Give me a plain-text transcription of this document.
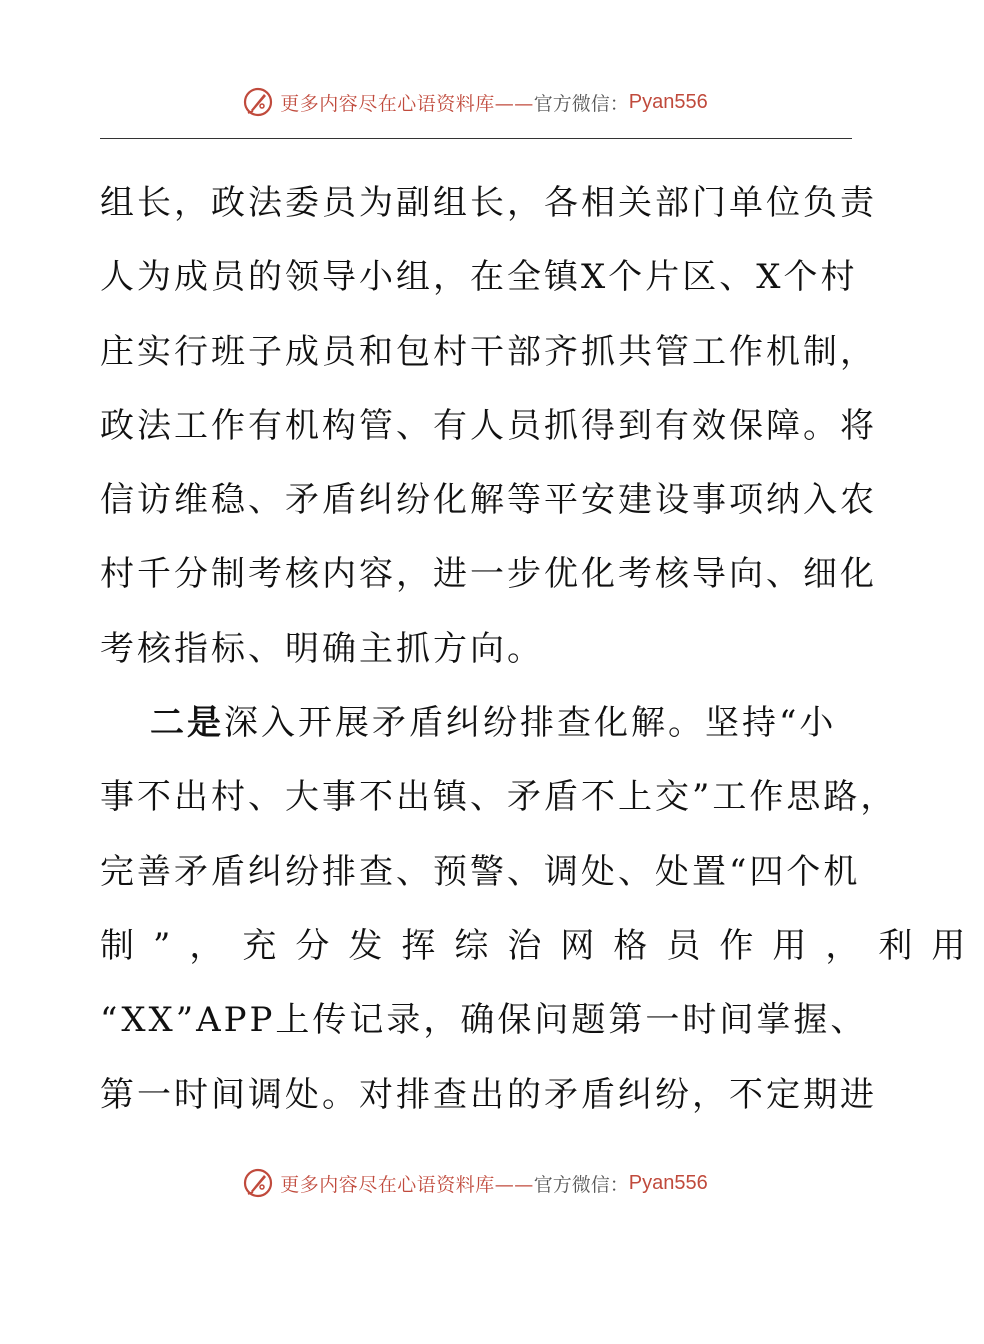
更多内容尽在心语资料库—— 官方微信： Pyan556
组 长 ， 政 法 委 员 为 副 组 长 ， 各 相 关 部 门 单 位 负 责
人 为 成 员 的 领 导 小 组 ， 在 全 镇 X 个 片 区 、 X 个 村
庄 实 行 班 子 成 员 和 包 村 干 部 齐 抓 共 管 工 作 机 制 ，
政 法 工 作 有 机 构 管 、 有 人 员 抓 得 到 有 效 保 障 。 将
信 访 维 稳 、 矛 盾 纠 纷 化 解 等 平 安 建 设 事 项 纳 入 农
村 千 分 制 考 核 内 容 ， 进 一 步 优 化 考 核 导 向 、 细 化
考核指标、明确主抓方向。
二是深入开展矛盾纠纷排查化解。坚持“小
事不出村、大事不出镇、矛盾不上交”工作思路，
完 善 矛 盾 纠 纷 排 查 、 预 警 、 调 处 、 处 置 “ 四 个 机
制”，充分发挥综治网格员作用，利用
“XX”APP上传记录，确保问题第一时间掌握、
第 一 时 间 调 处 。 对 排 查 出 的 矛 盾 纠 纷 ， 不 定 期 进
更多内容尽在心语资料库—— 官方微信： Pyan556
